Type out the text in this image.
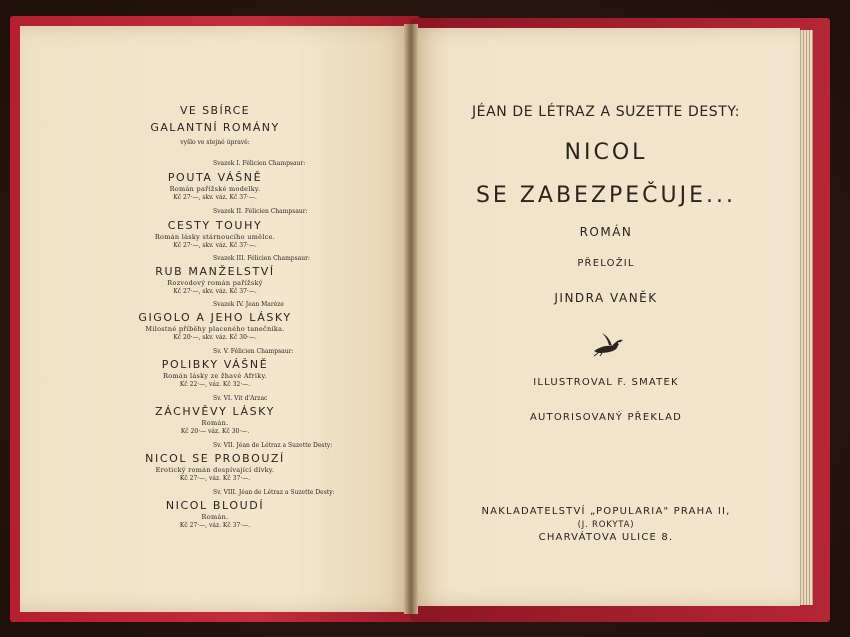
VE SBÍRCE
GALANTNÍ ROMÁNY
vyšlo ve stejné úpravě:
Svazek I. Félicien Champsaur:
POUTA VÁŠNĚ
Román pařížské modelky.
Kč 27·—, skv. váz. Kč 37·—.
Svazek II. Félicien Champsaur:
CESTY TOUHY
Román lásky stárnoucího umělce.
Kč 27·—, skv. váz. Kč 37·—.
Svazek III. Félicien Champsaur:
RUB MANŽELSTVÍ
Rozvodový román pařížský
Kč 27·—, skv. váz. Kč 37·—.
Svazek IV. Jean Marèze
GIGOLO A JEHO LÁSKY
Milostné příběhy placeného tanečníka.
Kč 20·—, skv. váz. Kč 30·—.
Sv. V. Félicien Champsaur:
POLIBKY VÁŠNĚ
Román lásky ze žhavé Afriky.
Kč 22·—, váz. Kč 32·—.
Sv. VI. Vit d'Arzac
ZÁCHVĚVY LÁSKY
Román.
Kč 20·— váz. Kč 30·—.
Sv. VII. Jéan de Létraz a Suzette Desty:
NICOL SE PROBOUZÍ
Erotický román dospívající dívky.
Kč 27·—, váz. Kč 37·—.
Sv. VIII. Jéan de Létraz a Suzette Desty:
NICOL BLOUDÍ
Román.
Kč 27·—, váz. Kč 37·—.
JÉAN DE LÉTRAZ A SUZETTE DESTY:
NICOL
SE ZABEZPEČUJE...
ROMÁN
PŘELOŽIL
JINDRA VANĚK
ILLUSTROVAL F. SMATEK
AUTORISOVANÝ PŘEKLAD
NAKLADATELSTVÍ „POPULARIA" PRAHA II,
(J. ROKYTA)
CHARVÁTOVA ULICE 8.
